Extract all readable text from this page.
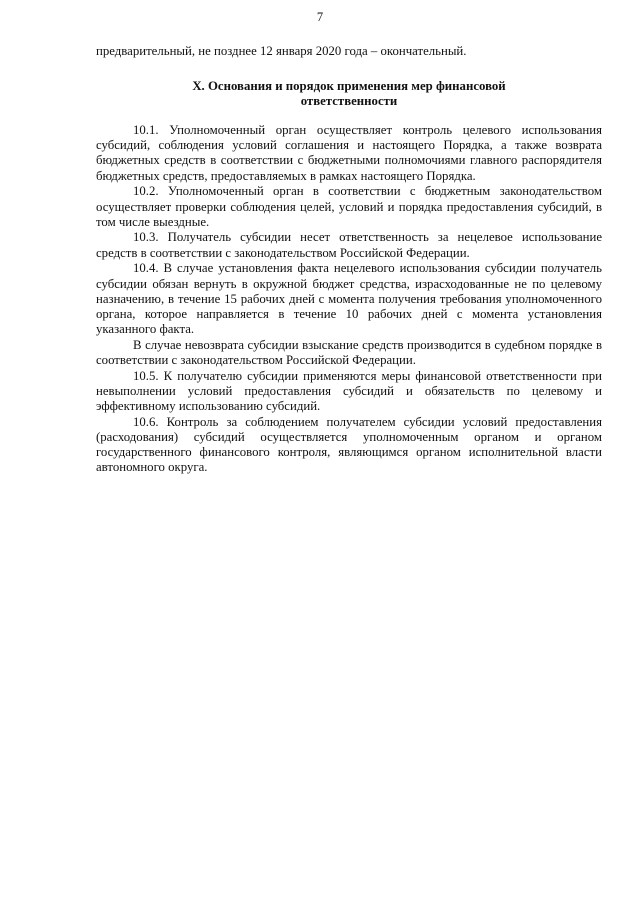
7
предварительный, не позднее 12 января 2020 года – окончательный.
X. Основания и порядок применения мер финансовой
ответственности

10.1. Уполномоченный орган осуществляет контроль целевого использования субсидий, соблюдения условий соглашения и настоящего Порядка, а также возврата бюджетных средств в соответствии с бюджетными полномочиями главного распорядителя бюджетных средств, предоставляемых в рамках настоящего Порядка.

10.2. Уполномоченный орган в соответствии с бюджетным законодательством осуществляет проверки соблюдения целей, условий и порядка предоставления субсидий, в том числе выездные.

10.3. Получатель субсидии несет ответственность за нецелевое использование средств в соответствии с законодательством Российской Федерации.

10.4. В случае установления факта нецелевого использования субсидии получатель субсидии обязан вернуть в окружной бюджет средства, израсходованные не по целевому назначению, в течение 15 рабочих дней с момента получения требования уполномоченного органа, которое направляется в течение 10 рабочих дней с момента установления указанного факта.

В случае невозврата субсидии взыскание средств производится в судебном порядке в соответствии с законодательством Российской Федерации.

10.5. К получателю субсидии применяются меры финансовой ответственности при невыполнении условий предоставления субсидий и обязательств по целевому и эффективному использованию субсидий.

10.6. Контроль за соблюдением получателем субсидии условий предоставления (расходования) субсидий осуществляется уполномоченным органом и органом государственного финансового контроля, являющимся органом исполнительной власти автономного округа.
